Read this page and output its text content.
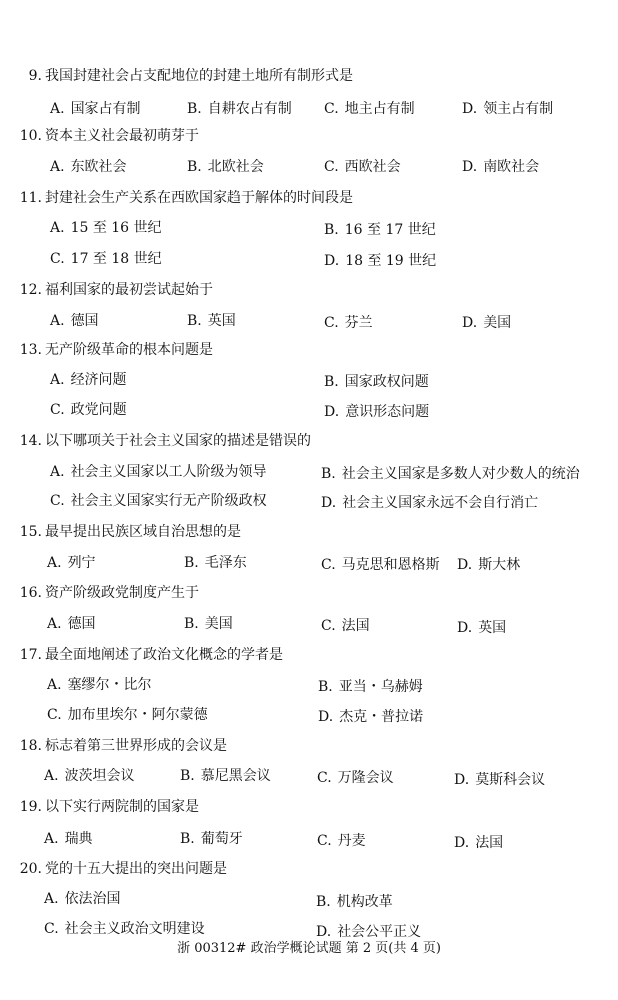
9. 我国封建社会占支配地位的封建土地所有制形式是
A. 国家占有制	B. 自耕农占有制 C. 地主占有制	D. 领主占有制
10. 资本主义社会最初萌芽于
A. 东欧社会	B. 北欧社会	C. 西欧社会	D. 南欧社会
11. 封建社会生产关系在西欧国家趋于解体的时间段是
A. 15 至 16 世纪	B. 16 至 17 世纪
C. 17 至 18 世纪	D. 18 至 19 世纪
12. 福利国家的最初尝试起始于
A. 德国	B. 英国	C. 芬兰	D. 美国
13. 无产阶级革命的根本问题是
A. 经济问题	B. 国家政权问题
C. 政党问题	D. 意识形态问题
14. 以下哪项关于社会主义国家的描述是错误的
A. 社会主义国家以工人阶级为领导	B. 社会主义国家是多数人对少数人的统治
C. 社会主义国家实行无产阶级政权	D. 社会主义国家永远不会自行消亡
15. 最早提出民族区域自治思想的是
A. 列宁	B. 毛泽东	C. 马克思和恩格斯 D. 斯大林
16. 资产阶级政党制度产生于
A. 德国	B. 美国	C. 法国	D. 英国
17. 最全面地阐述了政治文化概念的学者是
A. 塞缪尔・比尔	B. 亚当・乌赫姆
C. 加布里埃尔・阿尔蒙德	D. 杰克・普拉诺
18. 标志着第三世界形成的会议是
A. 波茨坦会议	B. 慕尼黑会议	C. 万隆会议	D. 莫斯科会议
19. 以下实行两院制的国家是
A. 瑞典	B. 葡萄牙	C. 丹麦	D. 法国
20. 党的十五大提出的突出问题是
A. 依法治国	B. 机构改革
C. 社会主义政治文明建设	D. 社会公平正义
浙 00312# 政治学概论试题 第 2 页(共 4 页)
